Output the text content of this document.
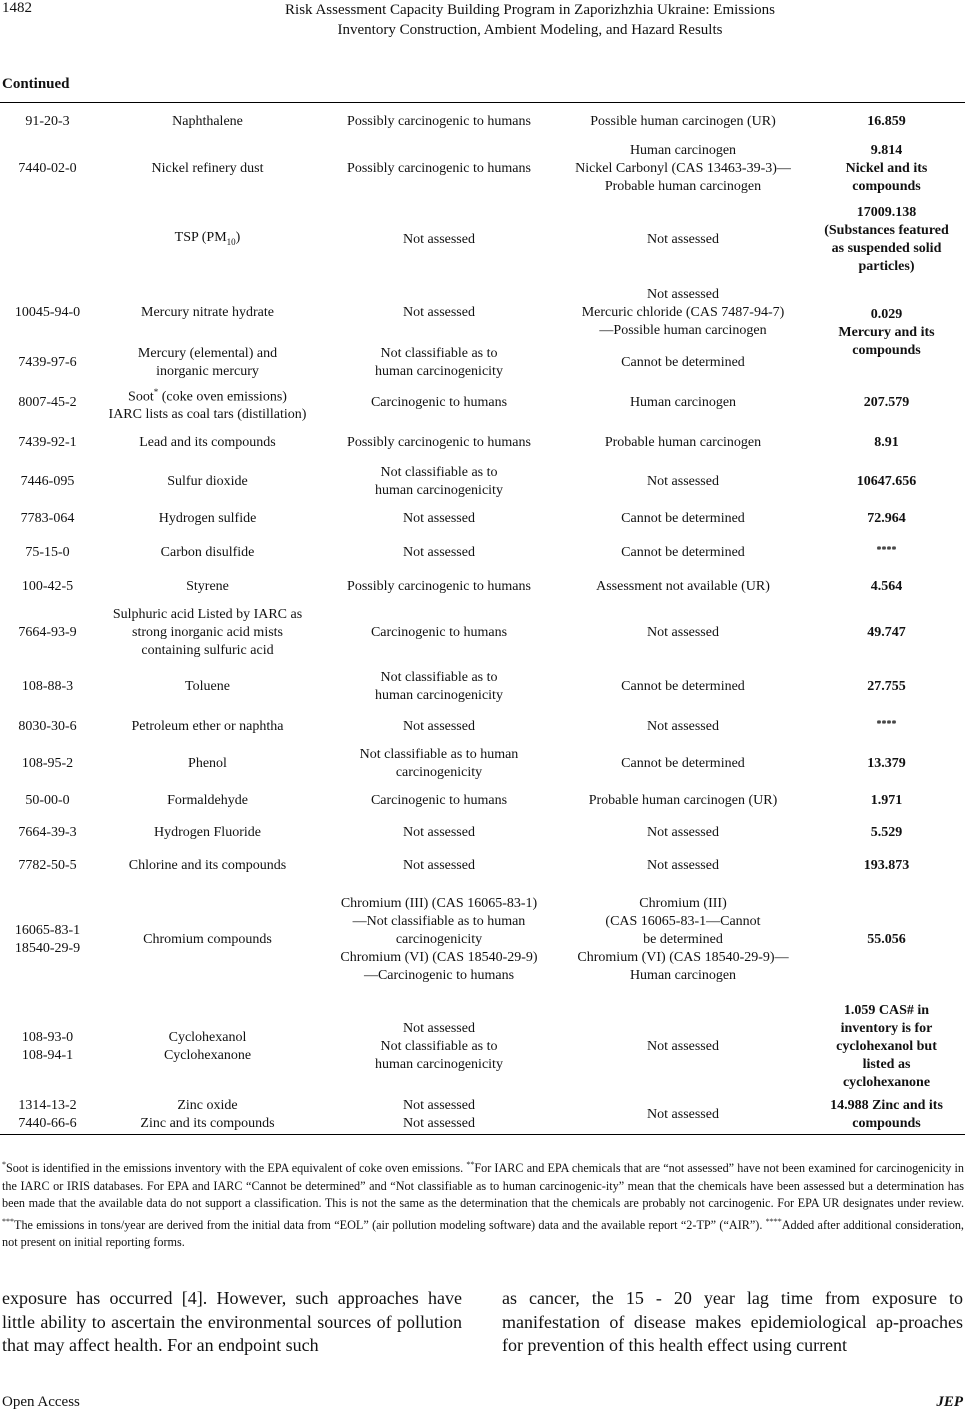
1482	Risk Assessment Capacity Building Program in Zaporizhzhia Ukraine: Emissions
Inventory Construction, Ambient Modeling, and Hazard Results
Continued
91-20-3	Naphthalene	Possibly carcinogenic to humans	Possible human carcinogen (UR)	16.859
7440-02-0	Nickel refinery dust	Possibly carcinogenic to humans	Human carcinogen
Nickel Carbonyl (CAS 13463-39-3)—
Probable human carcinogen	9.814
Nickel and its
compounds
	TSP $(PM_{10})$	Not assessed	Not assessed	17009.138
(Substances featured
as suspended solid
particles)
10045-94-0	Mercury nitrate hydrate	Not assessed	Not assessed
Mercuric chloride (CAS 7487-94-7)
—Possible human carcinogen	0.029
Mercury and its
compounds
7439-97-6	Mercury (elemental) and
inorganic mercury	Not classifiable as to
human carcinogenicity	Cannot be determined	
8007-45-2	Soot* (coke oven emissions)
IARC lists as coal tars (distillation)	Carcinogenic to humans	Human carcinogen	207.579
7439-92-1	Lead and its compounds	Possibly carcinogenic to humans	Probable human carcinogen	8.91
7446-095	Sulfur dioxide	Not classifiable as to
human carcinogenicity	Not assessed	10647.656
7783-064	Hydrogen sulfide	Not assessed	Cannot be determined	72.964
75-15-0	Carbon disulfide	Not assessed	Cannot be determined	****
100-42-5	Styrene	Possibly carcinogenic to humans	Assessment not available (UR)	4.564
7664-93-9	Sulphuric acid Listed by IARC as
strong inorganic acid mists
containing sulfuric acid	Carcinogenic to humans	Not assessed	49.747
108-88-3	Toluene	Not classifiable as to
human carcinogenicity	Cannot be determined	27.755
8030-30-6	Petroleum ether or naphtha	Not assessed	Not assessed	****
108-95-2	Phenol	Not classifiable as to human
carcinogenicity	Cannot be determined	13.379
50-00-0	Formaldehyde	Carcinogenic to humans	Probable human carcinogen (UR)	1.971
7664-39-3	Hydrogen Fluoride	Not assessed	Not assessed	5.529
7782-50-5	Chlorine and its compounds	Not assessed	Not assessed	193.873
16065-83-1
18540-29-9	Chromium compounds	Chromium (III) (CAS 16065-83-1)
—Not classifiable as to human
carcinogenicity
Chromium (VI) (CAS 18540-29-9)
—Carcinogenic to humans	Chromium (III)
(CAS 16065-83-1—Cannot
be determined
Chromium (VI) (CAS 18540-29-9)—
Human carcinogen	55.056
108-93-0
108-94-1	Cyclohexanol
Cyclohexanone	Not assessed
Not classifiable as to
human carcinogenicity	Not assessed	1.059 CAS# in
inventory is for
cyclohexanol but
listed as
cyclohexanone
1314-13-2
7440-66-6	Zinc oxide
Zinc and its compounds	Not assessed
Not assessed	Not assessed	14.988 Zinc and its
compounds
*Soot is identified in the emissions inventory with the EPA equivalent of coke oven emissions. **For IARC and EPA chemicals that are “not assessed” have not been examined for carcinogenicity in the IARC or IRIS databases. For EPA and IARC “Cannot be determined” and “Not classifiable as to human carcinogenic-ity” mean that the chemicals have been assessed but a determination has been made that the available data do not support a classification. This is not the same as the determination that the chemicals are probably not carcinogenic. For EPA UR designates under review. ***The emissions in tons/year are derived from the initial data from “EOL” (air pollution modeling software) data and the available report “2-TP” (“AIR”). ****Added after additional consideration, not present on initial reporting forms.
exposure has occurred [4]. However, such approaches have little ability to ascertain the environmental sources of pollution that may affect health. For an endpoint such
as cancer, the 15 - 20 year lag time from exposure to manifestation of disease makes epidemiological ap-proaches for prevention of this health effect using current
Open Access	JEP
